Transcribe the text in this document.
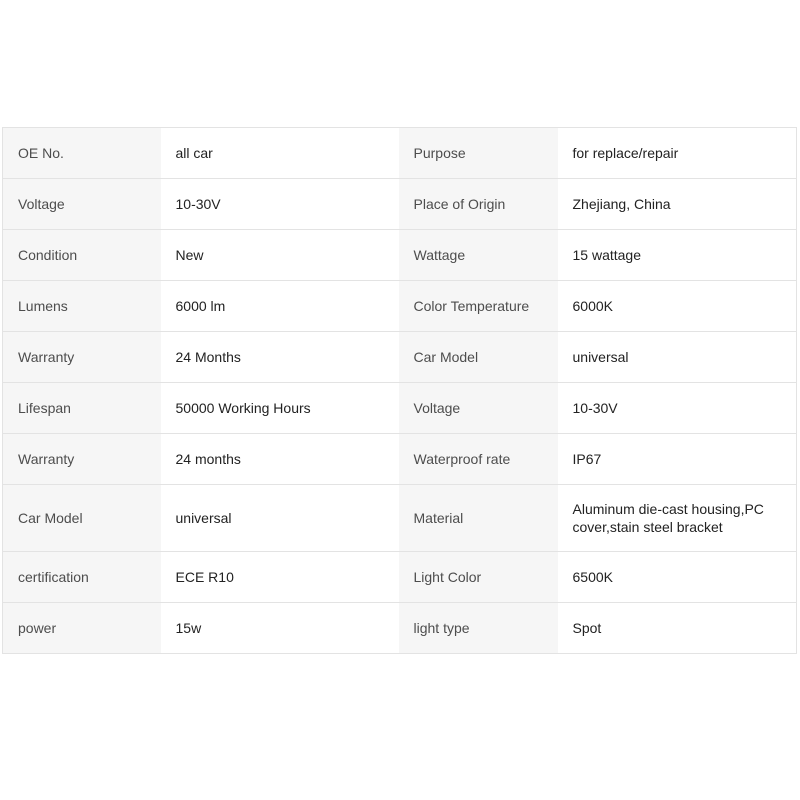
OE No.	all car	Purpose	for replace/repair
Voltage	10-30V	Place of Origin	Zhejiang, China
Condition	New	Wattage	15 wattage
Lumens	6000 lm	Color Temperature	6000K
Warranty	24 Months	Car Model	universal
Lifespan	50000 Working Hours	Voltage	10-30V
Warranty	24 months	Waterproof rate	IP67
Car Model	universal	Material	Aluminum die-cast housing,PC cover,stain steel bracket
certification	ECE R10	Light Color	6500K
power	15w	light type	Spot
